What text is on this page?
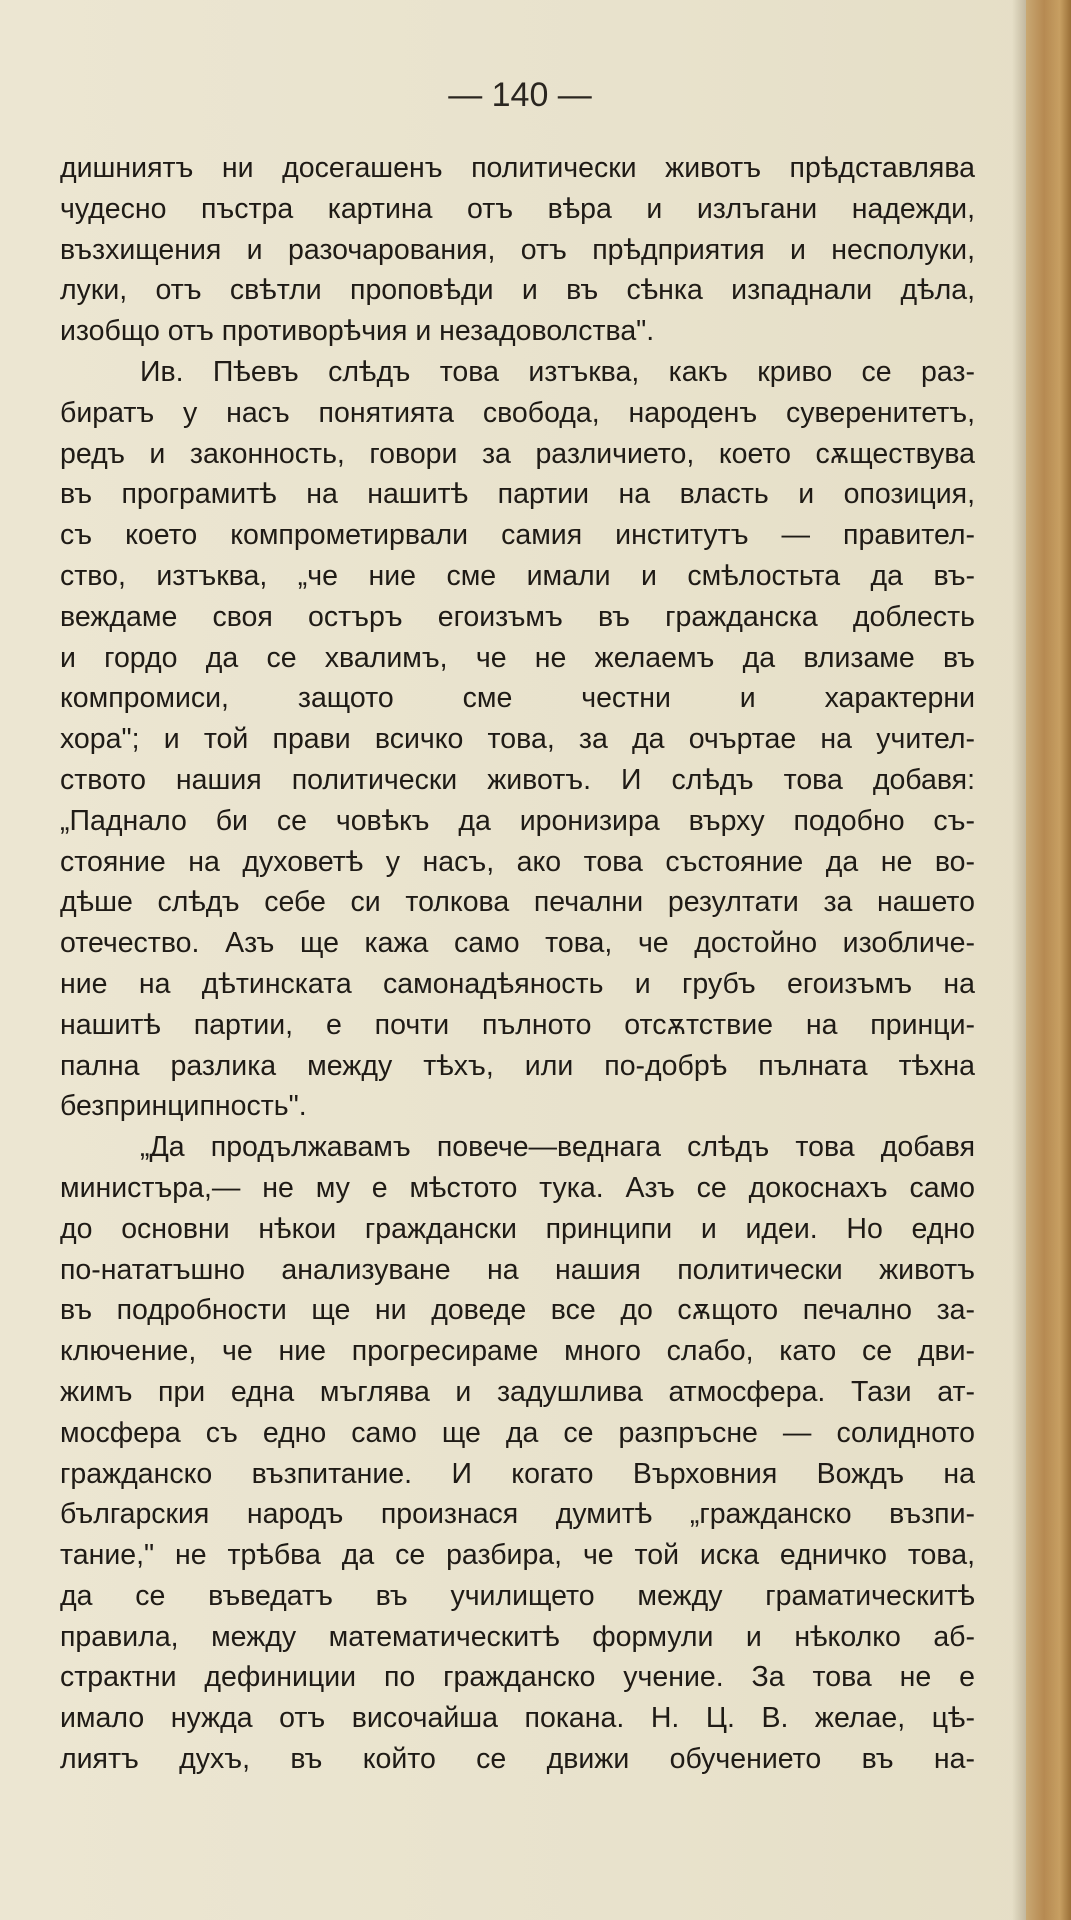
— 140 —
дишниятъ ни досегашенъ политически животъ прѣдставлява
чудесно пъстра картина отъ вѣра и излъгани надежди,
възхищения и разочарования, отъ прѣдприятия и несполуки,
луки, отъ свѣтли проповѣди и въ сѣнка изпаднали дѣла,
изобщо отъ противорѣчия и незадоволства".
Ив. Пѣевъ слѣдъ това изтъква, какъ криво се раз-
биратъ у насъ понятията свобода, народенъ суверенитетъ,
редъ и законность, говори за различието, което сѫществува
въ програмитѣ на нашитѣ партии на власть и опозиция,
съ което компрометирвали самия институтъ — правител-
ство, изтъква, „че ние сме имали и смѣлостьта да въ-
веждаме своя остъръ егоизъмъ въ гражданска доблесть
и гордо да се хвалимъ, че не желаемъ да влизаме въ
компромиси, защото сме честни и характерни
хора"; и той прави всичко това, за да очъртае на учител-
ството нашия политически животъ. И слѣдъ това добавя:
„Паднало би се човѣкъ да иронизира върху подобно съ-
стояние на духоветѣ у насъ, ако това състояние да не во-
дѣше слѣдъ себе си толкова печални резултати за нашето
отечество. Азъ ще кажа само това, че достойно изобличе-
ние на дѣтинската самонадѣяность и грубъ егоизъмъ на
нашитѣ партии, е почти пълното отсѫтствие на принци-
пална разлика между тѣхъ, или по-добрѣ пълната тѣхна
безпринципность".
„Да продължавамъ повече—веднага слѣдъ това добавя
министъра,— не му е мѣстото тука. Азъ се докоснахъ само
до основни нѣкои граждански принципи и идеи. Но едно
по-нататъшно анализуване на нашия политически животъ
въ подробности ще ни доведе все до сѫщото печално за-
ключение, че ние прогресираме много слабо, като се дви-
жимъ при една мъглява и задушлива атмосфера. Тази ат-
мосфера съ едно само ще да се разпръсне — солидното
гражданско възпитание. И когато Върховния Вождъ на
българския народъ произнася думитѣ „гражданско възпи-
тание," не трѣбва да се разбира, че той иска едничко това,
да се въведатъ въ училището между граматическитѣ
правила, между математическитѣ формули и нѣколко аб-
страктни дефиниции по гражданско учение. За това не е
имало нужда отъ височайша покана. Н. Ц. В. желае, цѣ-
лиятъ духъ, въ който се движи обучението въ на-
